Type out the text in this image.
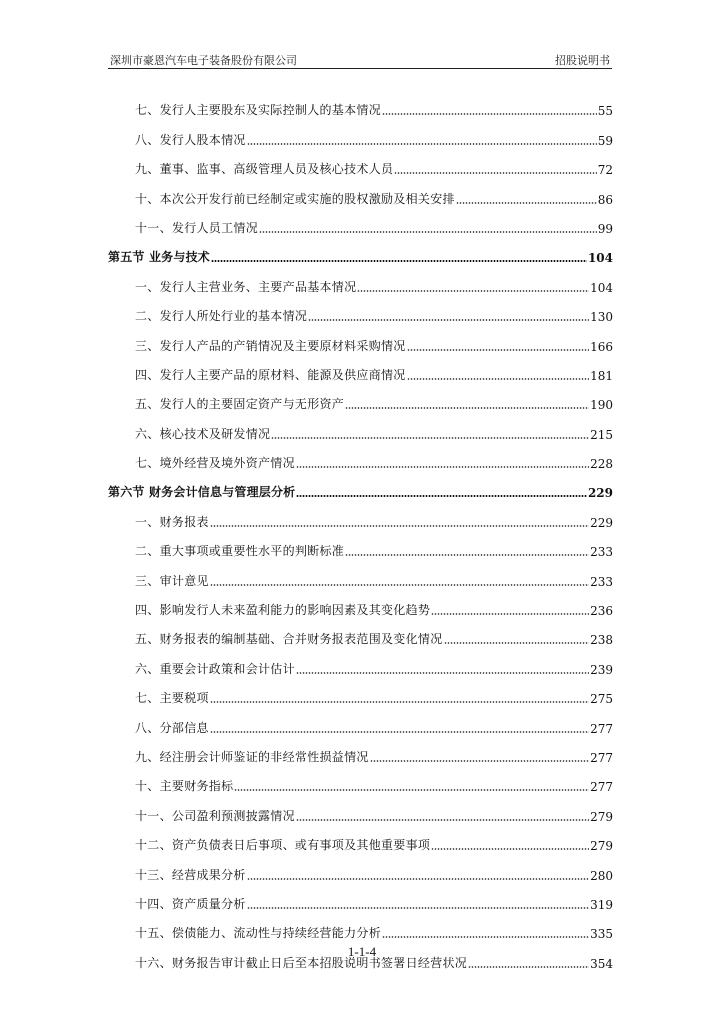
深圳市豪恩汽车电子装备股份有限公司	招股说明书
七、发行人主要股东及实际控制人的基本情况	55
八、发行人股本情况	59
九、董事、监事、高级管理人员及核心技术人员	72
十、本次公开发行前已经制定或实施的股权激励及相关安排	86
十一、发行人员工情况	99
第五节 业务与技术	104
一、发行人主营业务、主要产品基本情况	104
二、发行人所处行业的基本情况	130
三、发行人产品的产销情况及主要原材料采购情况	166
四、发行人主要产品的原材料、能源及供应商情况	181
五、发行人的主要固定资产与无形资产	190
六、核心技术及研发情况	215
七、境外经营及境外资产情况	228
第六节 财务会计信息与管理层分析	229
一、财务报表	229
二、重大事项或重要性水平的判断标准	233
三、审计意见	233
四、影响发行人未来盈利能力的影响因素及其变化趋势	236
五、财务报表的编制基础、合并财务报表范围及变化情况	238
六、重要会计政策和会计估计	239
七、主要税项	275
八、分部信息	277
九、经注册会计师鉴证的非经常性损益情况	277
十、主要财务指标	277
十一、公司盈利预测披露情况	279
十二、资产负债表日后事项、或有事项及其他重要事项	279
十三、经营成果分析	280
十四、资产质量分析	319
十五、偿债能力、流动性与持续经营能力分析	335
十六、财务报告审计截止日后至本招股说明书签署日经营状况	354
1-1-4
